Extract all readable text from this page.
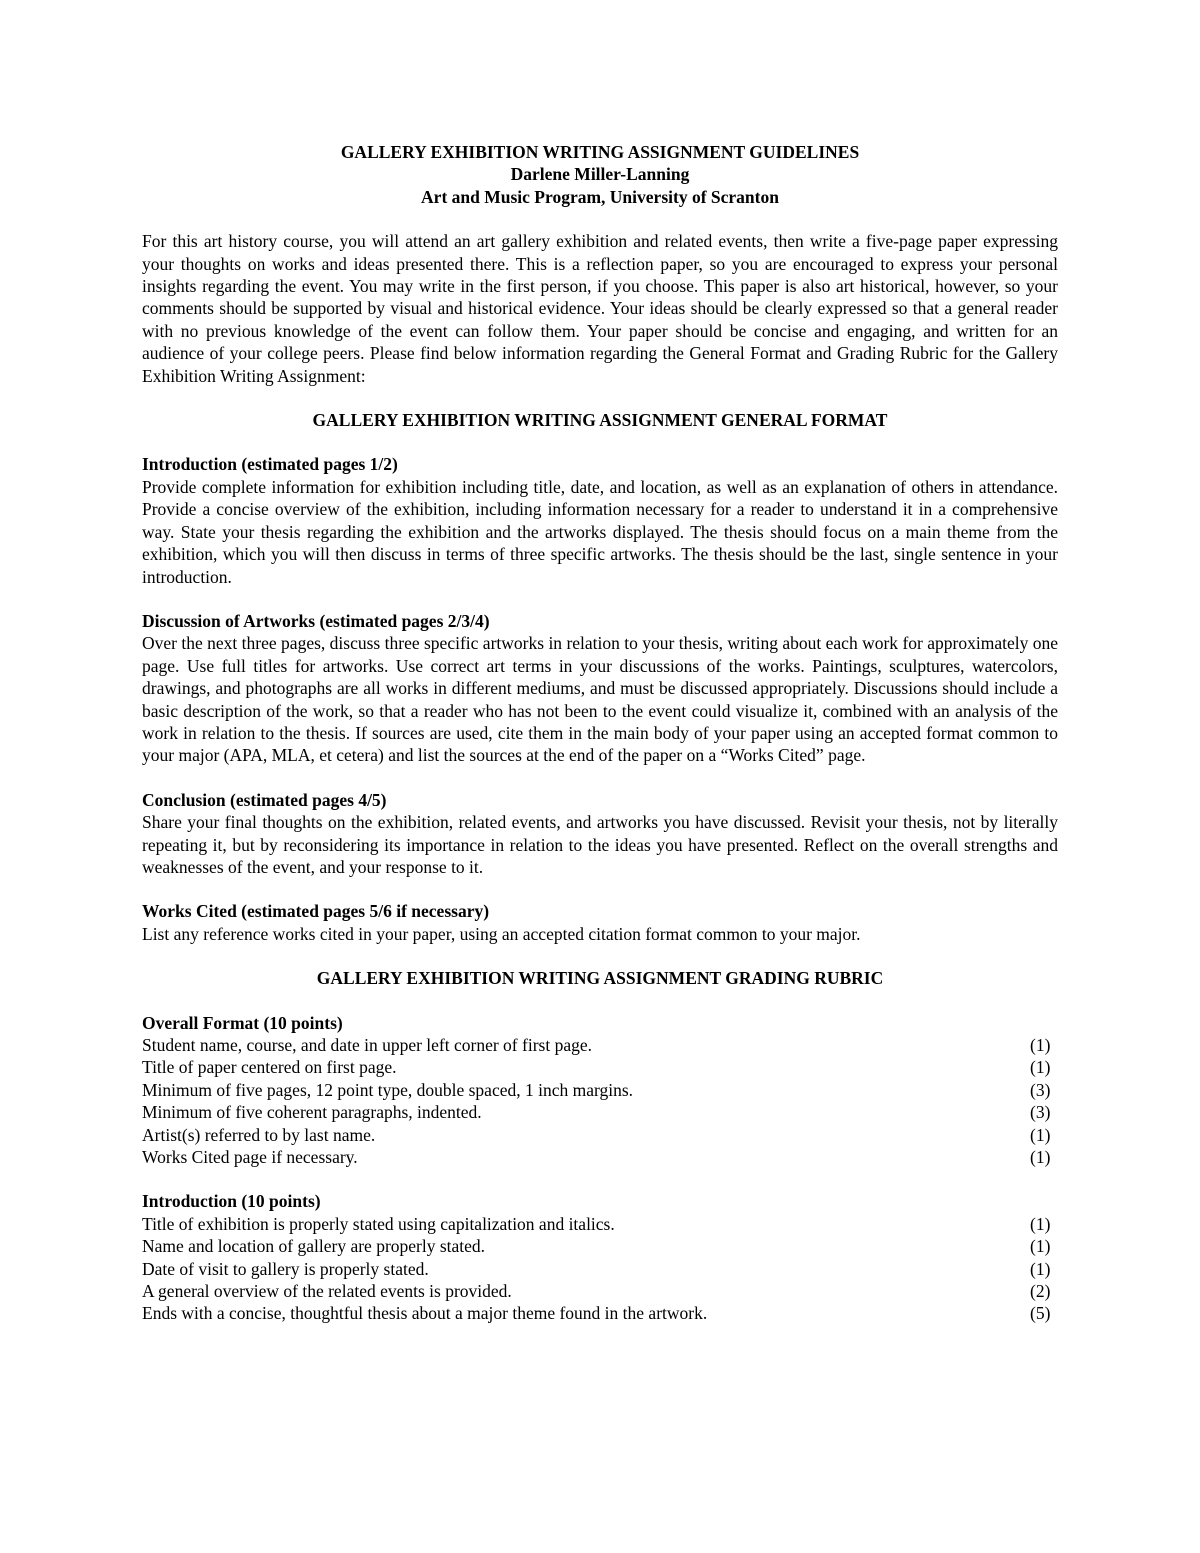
GALLERY EXHIBITION WRITING ASSIGNMENT GUIDELINES
Darlene Miller-Lanning
Art and Music Program, University of Scranton
For this art history course, you will attend an art gallery exhibition and related events, then write a five-page paper expressing your thoughts on works and ideas presented there. This is a reflection paper, so you are encouraged to express your personal insights regarding the event. You may write in the first person, if you choose. This paper is also art historical, however, so your comments should be supported by visual and historical evidence. Your ideas should be clearly expressed so that a general reader with no previous knowledge of the event can follow them. Your paper should be concise and engaging, and written for an audience of your college peers. Please find below information regarding the General Format and Grading Rubric for the Gallery Exhibition Writing Assignment:
GALLERY EXHIBITION WRITING ASSIGNMENT GENERAL FORMAT
Introduction (estimated pages 1/2)
Provide complete information for exhibition including title, date, and location, as well as an explanation of others in attendance. Provide a concise overview of the exhibition, including information necessary for a reader to understand it in a comprehensive way. State your thesis regarding the exhibition and the artworks displayed. The thesis should focus on a main theme from the exhibition, which you will then discuss in terms of three specific artworks. The thesis should be the last, single sentence in your introduction.
Discussion of Artworks (estimated pages 2/3/4)
Over the next three pages, discuss three specific artworks in relation to your thesis, writing about each work for approximately one page. Use full titles for artworks. Use correct art terms in your discussions of the works. Paintings, sculptures, watercolors, drawings, and photographs are all works in different mediums, and must be discussed appropriately. Discussions should include a basic description of the work, so that a reader who has not been to the event could visualize it, combined with an analysis of the work in relation to the thesis. If sources are used, cite them in the main body of your paper using an accepted format common to your major (APA, MLA, et cetera) and list the sources at the end of the paper on a “Works Cited” page.
Conclusion (estimated pages 4/5)
Share your final thoughts on the exhibition, related events, and artworks you have discussed. Revisit your thesis, not by literally repeating it, but by reconsidering its importance in relation to the ideas you have presented. Reflect on the overall strengths and weaknesses of the event, and your response to it.
Works Cited (estimated pages 5/6 if necessary)
List any reference works cited in your paper, using an accepted citation format common to your major.
GALLERY EXHIBITION WRITING ASSIGNMENT GRADING RUBRIC
Overall Format (10 points)
Student name, course, and date in upper left corner of first page.	(1)
Title of paper centered on first page.	(1)
Minimum of five pages, 12 point type, double spaced, 1 inch margins.	(3)
Minimum of five coherent paragraphs, indented.	(3)
Artist(s) referred to by last name.	(1)
Works Cited page if necessary.	(1)
Introduction (10 points)
Title of exhibition is properly stated using capitalization and italics.	(1)
Name and location of gallery are properly stated.	(1)
Date of visit to gallery is properly stated.	(1)
A general overview of the related events is provided.	(2)
Ends with a concise, thoughtful thesis about a major theme found in the artwork.	(5)
